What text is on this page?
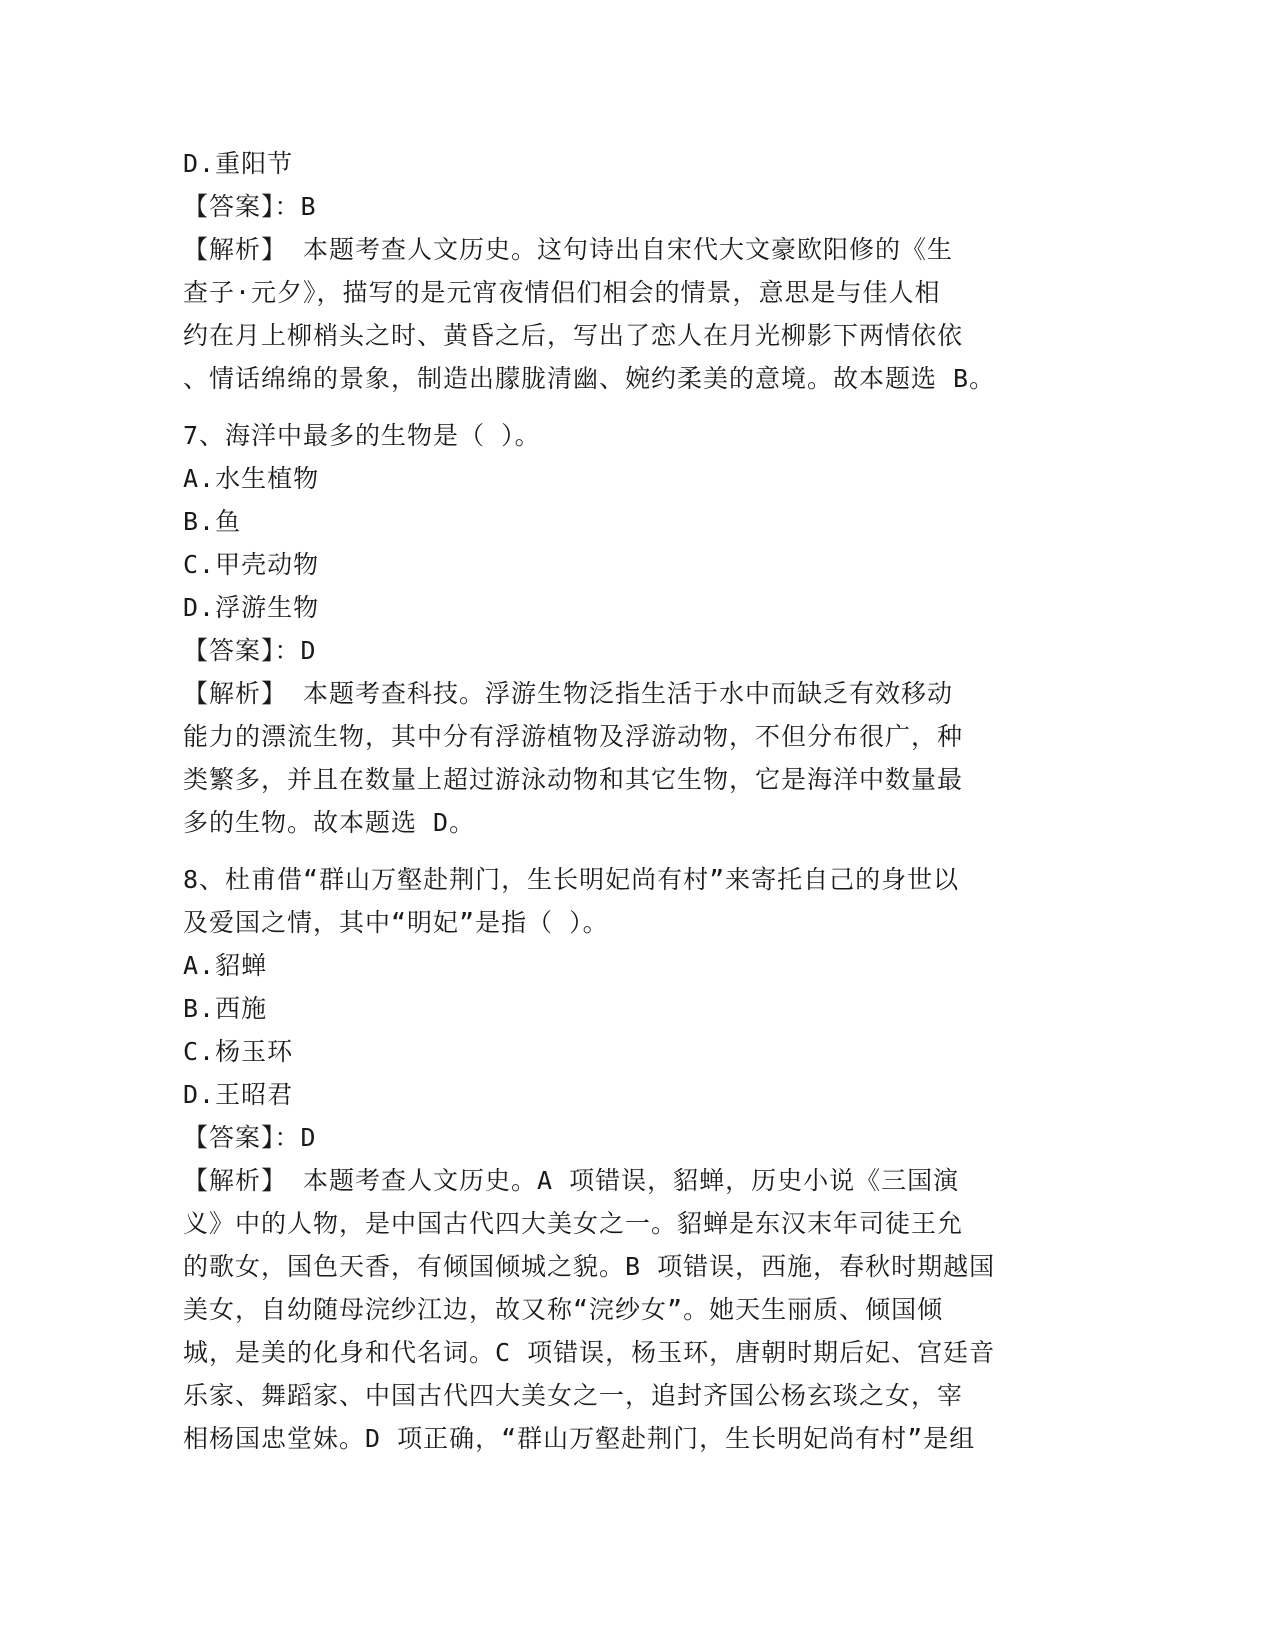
D.重阳节
【答案】：B
【解析】 本题考查人文历史。这句诗出自宋代大文豪欧阳修的《生
查子·元夕》，描写的是元宵夜情侣们相会的情景，意思是与佳人相
约在月上柳梢头之时、黄昏之后，写出了恋人在月光柳影下两情依依
、情话绵绵的景象，制造出朦胧清幽、婉约柔美的意境。故本题选 B。
7、海洋中最多的生物是（ ）。
A.水生植物
B.鱼
C.甲壳动物
D.浮游生物
【答案】：D
【解析】 本题考查科技。浮游生物泛指生活于水中而缺乏有效移动
能力的漂流生物，其中分有浮游植物及浮游动物，不但分布很广，种
类繁多，并且在数量上超过游泳动物和其它生物，它是海洋中数量最
多的生物。故本题选 D。
8、杜甫借“群山万壑赴荆门，生长明妃尚有村”来寄托自己的身世以
及爱国之情，其中“明妃”是指（ ）。
A.貂蝉
B.西施
C.杨玉环
D.王昭君
【答案】：D
【解析】 本题考查人文历史。A 项错误，貂蝉，历史小说《三国演
义》中的人物，是中国古代四大美女之一。貂蝉是东汉末年司徒王允
的歌女，国色天香，有倾国倾城之貌。B 项错误，西施，春秋时期越国
美女，自幼随母浣纱江边，故又称“浣纱女”。她天生丽质、倾国倾
城，是美的化身和代名词。C 项错误，杨玉环，唐朝时期后妃、宫廷音
乐家、舞蹈家、中国古代四大美女之一，追封齐国公杨玄琰之女，宰
相杨国忠堂妹。D 项正确，“群山万壑赴荆门，生长明妃尚有村”是组
